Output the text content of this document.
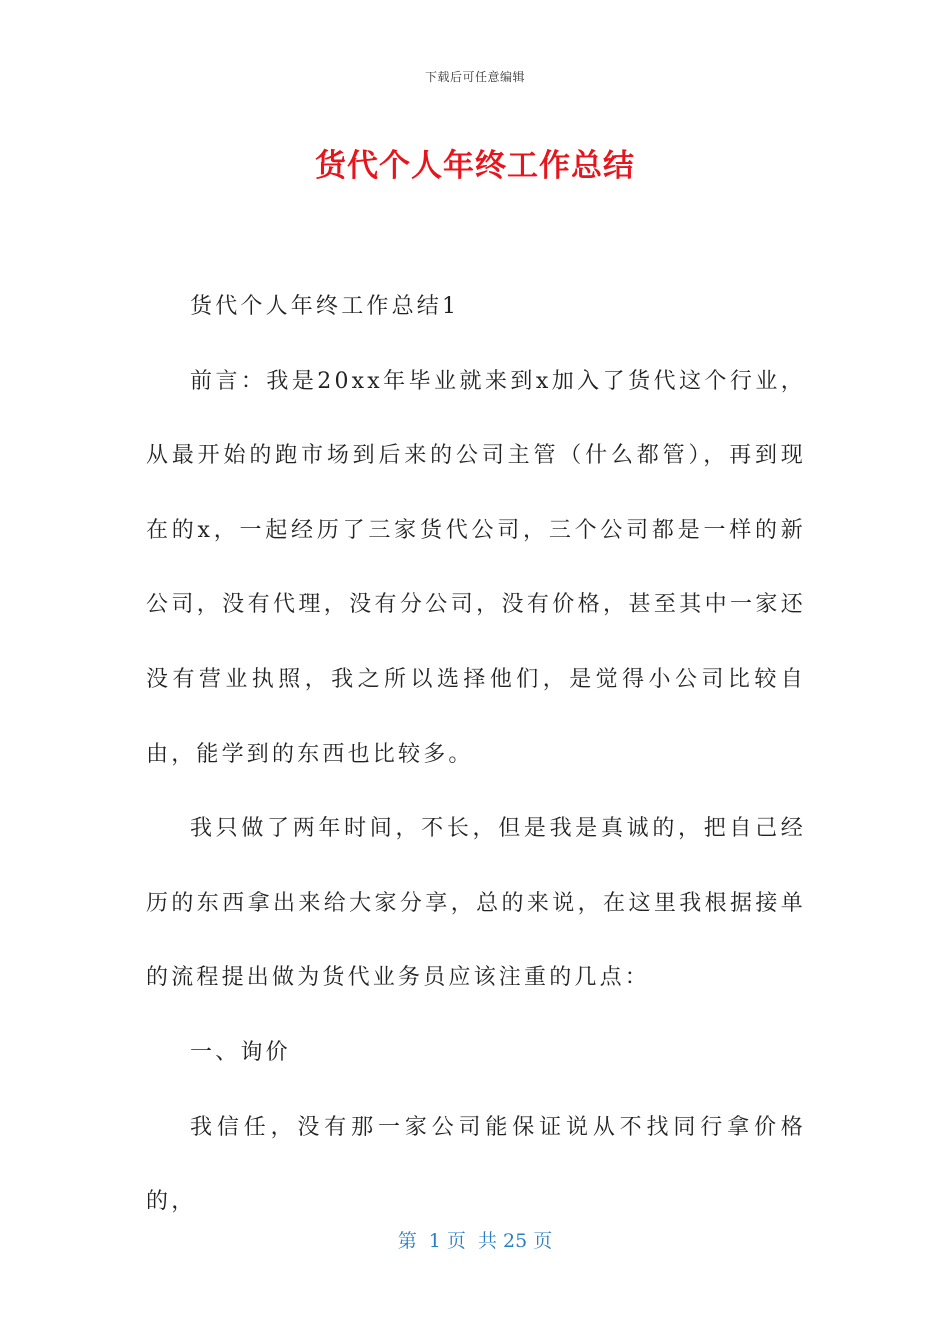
下载后可任意编辑
货代个人年终工作总结

货代个人年终工作总结1

前言：我是20xx年毕业就来到x加入了货代这个行业，从最开始的跑市场到后来的公司主管（什么都管），再到现在的x，一起经历了三家货代公司，三个公司都是一样的新公司，没有代理，没有分公司，没有价格，甚至其中一家还没有营业执照，我之所以选择他们，是觉得小公司比较自由，能学到的东西也比较多。

我只做了两年时间，不长，但是我是真诚的，把自己经历的东西拿出来给大家分享，总的来说，在这里我根据接单的流程提出做为货代业务员应该注重的几点：

一、询价

我信任，没有那一家公司能保证说从不找同行拿价格的，

第  1 页  共 25 页
